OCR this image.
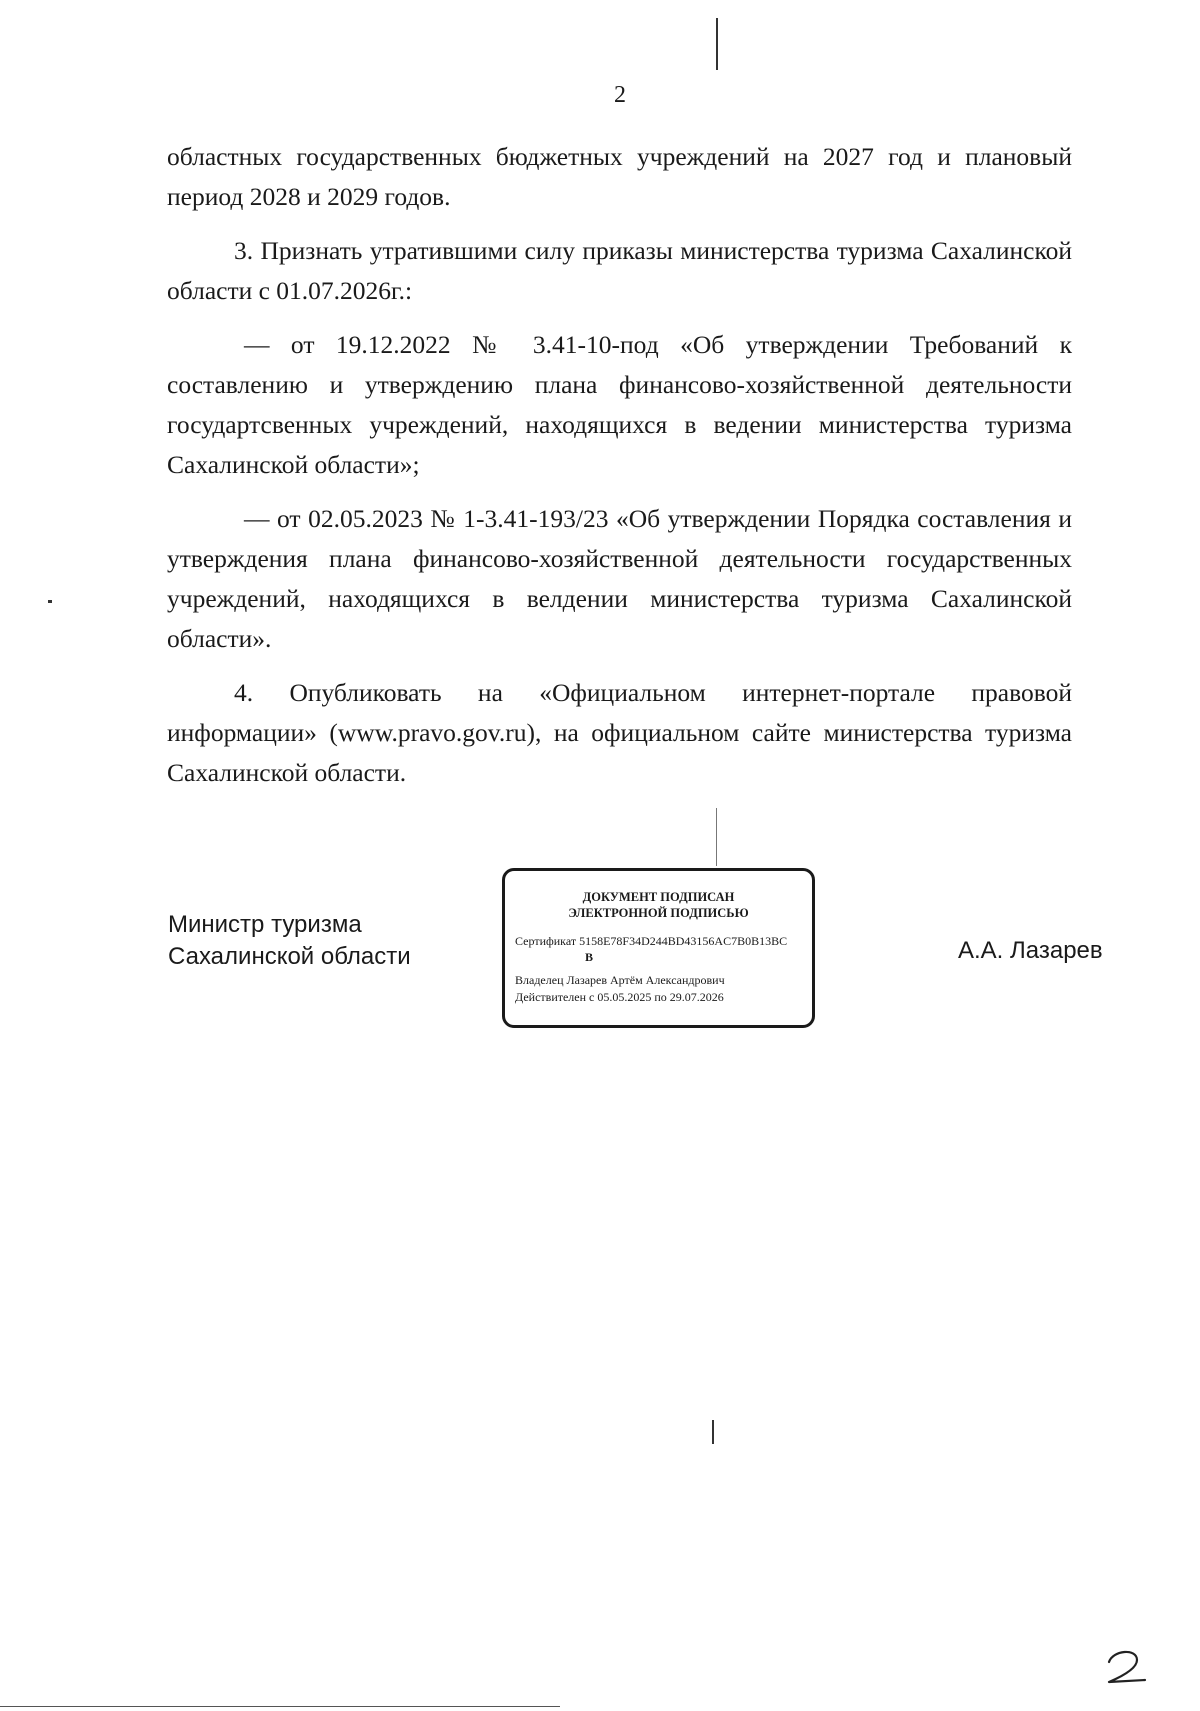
2

областных государственных бюджетных учреждений на 2027 год и плановый период 2028 и 2029 годов.

3. Признать утратившими силу приказы министерства туризма Сахалинской области с 01.07.2026г.:

— от 19.12.2022 № 3.41-10-под «Об утверждении Требований к составлению и утверждению плана финансово-хозяйственной деятельности государтсвенных учреждений, находящихся в ведении министерства туризма Сахалинской области»;

— от 02.05.2023 № 1-3.41-193/23 «Об утверждении Порядка составления и утверждения плана финансово-хозяйственной деятельности государственных учреждений, находящихся в велдении министерства туризма Сахалинской области».

4. Опубликовать на «Официальном интернет-портале правовой информации» (www.pravo.gov.ru), на официальном сайте министерства туризма Сахалинской области.

Министр туризма
Сахалинской области	А.А. Лазарев
ДОКУМЕНТ ПОДПИСАН
ЭЛЕКТРОННОЙ ПОДПИСЬЮ
Сертификат 5158E78F34D244BD43156AC7B0B13BC
B
Владелец Лазарев Артём Александрович
Действителен с 05.05.2025 по 29.07.2026
